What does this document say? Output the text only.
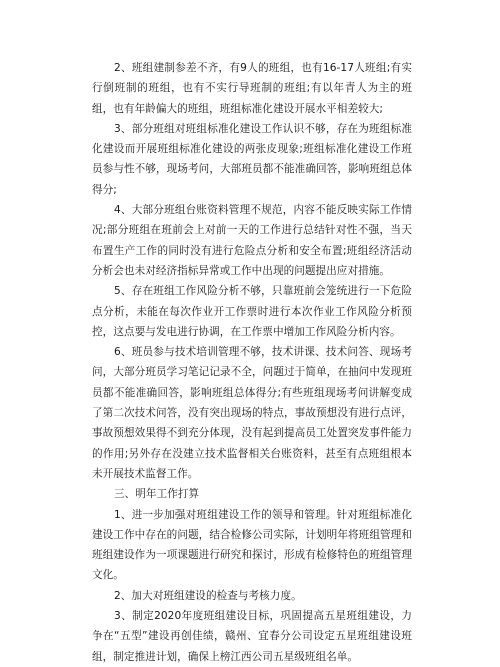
2、班组建制参差不齐，有9人的班组，也有16-17人班组;有实行倒班制的班组，也有不实行导班制的班组;有以年青人为主的班组，也有年龄偏大的班组，班组标准化建设开展水平相差较大;

3、部分班组对班组标准化建设工作认识不够，存在为班组标准化建设而开展班组标准化建设的两张皮现象;班组标准化建设工作班员参与性不够，现场考问，大部班员都不能准确回答，影响班组总体得分;

4、大部分班组台账资料管理不规范，内容不能反映实际工作情况;部分班组在班前会上对前一天的工作进行总结针对性不强，当天布置生产工作的同时没有进行危险点分析和安全布置;班组经济活动分析会也未对经济指标异常或工作中出现的问题提出应对措施。

5、存在班组工作风险分析不够，只靠班前会笼统进行一下危险点分析，未能在每次作业开工作票时进行本次作业工作风险分析预控，这点要与发电进行协调，在工作票中增加工作风险分析内容。

6、班员参与技术培训管理不够，技术讲课、技术问答、现场考问，大部分班员学习笔记记录不全，问题过于简单，在抽问中发现班员都不能准确回答，影响班组总体得分;有些班组现场考问讲解变成了第二次技术问答，没有突出现场的特点，事故预想没有进行点评，事故预想效果得不到充分体现，没有起到提高员工处置突发事件能力的作用;另外存在没建立技术监督相关台账资料，甚至有点班组根本未开展技术监督工作。

三、明年工作打算

1、进一步加强对班组建设工作的领导和管理。针对班组标准化建设工作中存在的问题，结合检修公司实际，计划明年将班组管理和班组建设作为一项课题进行研究和探讨，形成有检修特色的班组管理文化。

2、加大对班组建设的检查与考核力度。

3、制定2020年度班组建设目标，巩固提高五星班组建设，力争在“五型”建设再创佳绩，赣州、宜春分公司设定五星班组建设班组，制定推进计划，确保上榜江西公司五星级班组名单。
